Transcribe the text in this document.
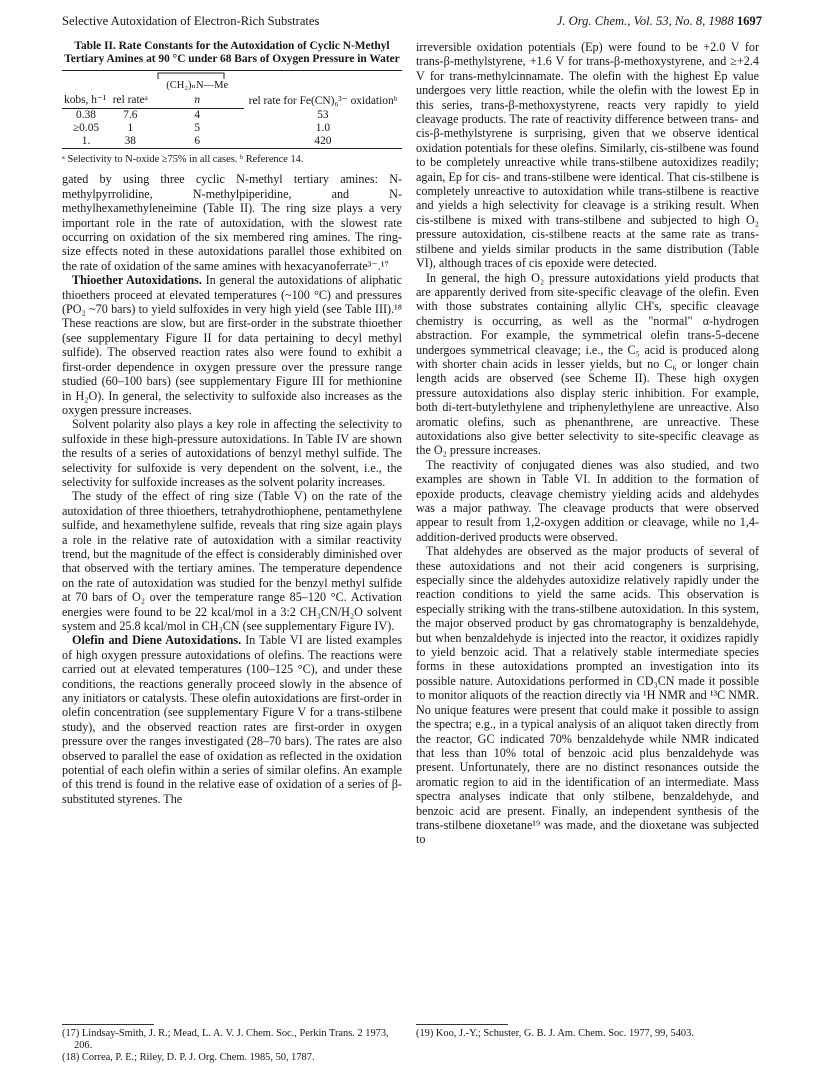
Selective Autoxidation of Electron-Rich Substrates	J. Org. Chem., Vol. 53, No. 8, 1988 1697
Table II. Rate Constants for the Autoxidation of Cyclic N-Methyl Tertiary Amines at 90 °C under 68 Bars of Oxygen Pressure in Water

(CH₂)ₙN—Me	rel rate for Fe(CN)₆³⁻ oxidationᵇ
kobs, h⁻¹	rel rateᵃ	n	
0.38	7.6	4	53
≥0.05	1	5	1.0
1.	38	6	420
ᵃ Selectivity to N-oxide ≥75% in all cases. ᵇ Reference 14.

gated by using three cyclic N-methyl tertiary amines: N-methylpyrrolidine, N-methylpiperidine, and N-methylhexamethyleneimine (Table II). The ring size plays a very important role in the rate of autoxidation, with the slowest rate occurring on oxidation of the six membered ring amines. The ring-size effects noted in these autoxidations parallel those exhibited on the rate of oxidation of the same amines with hexacyanoferrate³⁻.¹⁷

Thioether Autoxidations. In general the autoxidations of aliphatic thioethers proceed at elevated temperatures (~100 °C) and pressures (PO₂ ~70 bars) to yield sulfoxides in very high yield (see Table III).¹⁸ These reactions are slow, but are first-order in the substrate thioether (see supplementary Figure II for data pertaining to decyl methyl sulfide). The observed reaction rates also were found to exhibit a first-order dependence in oxygen pressure over the pressure range studied (60–100 bars) (see supplementary Figure III for methionine in H₂O). In general, the selectivity to sulfoxide also increases as the oxygen pressure increases.

Solvent polarity also plays a key role in affecting the selectivity to sulfoxide in these high-pressure autoxidations. In Table IV are shown the results of a series of autoxidations of benzyl methyl sulfide. The selectivity for sulfoxide is very dependent on the solvent, i.e., the selectivity for sulfoxide increases as the solvent polarity increases.

The study of the effect of ring size (Table V) on the rate of the autoxidation of three thioethers, tetrahydrothiophene, pentamethylene sulfide, and hexamethylene sulfide, reveals that ring size again plays a role in the relative rate of autoxidation with a similar reactivity trend, but the magnitude of the effect is considerably diminished over that observed with the tertiary amines. The temperature dependence on the rate of autoxidation was studied for the benzyl methyl sulfide at 70 bars of O₂ over the temperature range 85–120 °C. Activation energies were found to be 22 kcal/mol in a 3:2 CH₃CN/H₂O solvent system and 25.8 kcal/mol in CH₃CN (see supplementary Figure IV).

Olefin and Diene Autoxidations. In Table VI are listed examples of high oxygen pressure autoxidations of olefins. The reactions were carried out at elevated temperatures (100–125 °C), and under these conditions, the reactions generally proceed slowly in the absence of any initiators or catalysts. These olefin autoxidations are first-order in olefin concentration (see supplementary Figure V for a trans-stilbene study), and the observed reaction rates are first-order in oxygen pressure over the ranges investigated (28–70 bars). The rates are also observed to parallel the ease of oxidation as reflected in the oxidation potential of each olefin within a series of similar olefins. An example of this trend is found in the relative ease of oxidation of a series of β-substituted styrenes. The

irreversible oxidation potentials (Ep) were found to be +2.0 V for trans-β-methylstyrene, +1.6 V for trans-β-methoxystyrene, and ≥+2.4 V for trans-methylcinnamate. The olefin with the highest Ep value undergoes very little reaction, while the olefin with the lowest Ep in this series, trans-β-methoxystyrene, reacts very rapidly to yield cleavage products. The rate of reactivity difference between trans- and cis-β-methylstyrene is surprising, given that we observe identical oxidation potentials for these olefins. Similarly, cis-stilbene was found to be completely unreactive while trans-stilbene autoxidizes readily; again, Ep for cis- and trans-stilbene were identical. That cis-stilbene is completely unreactive to autoxidation while trans-stilbene is reactive and yields a high selectivity for cleavage is a striking result. When cis-stilbene is mixed with trans-stilbene and subjected to high O₂ pressure autoxidation, cis-stilbene reacts at the same rate as trans-stilbene and yields similar products in the same distribution (Table VI), although traces of cis epoxide were detected.

In general, the high O₂ pressure autoxidations yield products that are apparently derived from site-specific cleavage of the olefin. Even with those substrates containing allylic CH's, specific cleavage chemistry is occurring, as well as the "normal" α-hydrogen abstraction. For example, the symmetrical olefin trans-5-decene undergoes symmetrical cleavage; i.e., the C₅ acid is produced along with shorter chain acids in lesser yields, but no C₆ or longer chain length acids are observed (see Scheme II). These high oxygen pressure autoxidations also display steric inhibition. For example, both di-tert-butylethylene and triphenylethylene are unreactive. Also aromatic olefins, such as phenanthrene, are unreactive. These autoxidations also give better selectivity to site-specific cleavage as the O₂ pressure increases.

The reactivity of conjugated dienes was also studied, and two examples are shown in Table VI. In addition to the formation of epoxide products, cleavage chemistry yielding acids and aldehydes was a major pathway. The cleavage products that were observed appear to result from 1,2-oxygen addition or cleavage, while no 1,4-addition-derived products were observed.

That aldehydes are observed as the major products of several of these autoxidations and not their acid congeners is surprising, especially since the aldehydes autoxidize relatively rapidly under the reaction conditions to yield the same acids. This observation is especially striking with the trans-stilbene autoxidation. In this system, the major observed product by gas chromatography is benzaldehyde, but when benzaldehyde is injected into the reactor, it oxidizes rapidly to yield benzoic acid. That a relatively stable intermediate species forms in these autoxidations prompted an investigation into its possible nature. Autoxidations performed in CD₃CN made it possible to monitor aliquots of the reaction directly via ¹H NMR and ¹³C NMR. No unique features were present that could make it possible to assign the spectra; e.g., in a typical analysis of an aliquot taken directly from the reactor, GC indicated 70% benzaldehyde while NMR indicated that less than 10% total of benzoic acid plus benzaldehyde was present. Unfortunately, there are no distinct resonances outside the aromatic region to aid in the identification of an intermediate. Mass spectra analyses indicate that only stilbene, benzaldehyde, and benzoic acid are present. Finally, an independent synthesis of the trans-stilbene dioxetane¹⁹ was made, and the dioxetane was subjected to

(17) Lindsay-Smith, J. R.; Mead, L. A. V. J. Chem. Soc., Perkin Trans. 2 1973, 206.

(18) Correa, P. E.; Riley, D. P. J. Org. Chem. 1985, 50, 1787.

(19) Koo, J.-Y.; Schuster, G. B. J. Am. Chem. Soc. 1977, 99, 5403.
